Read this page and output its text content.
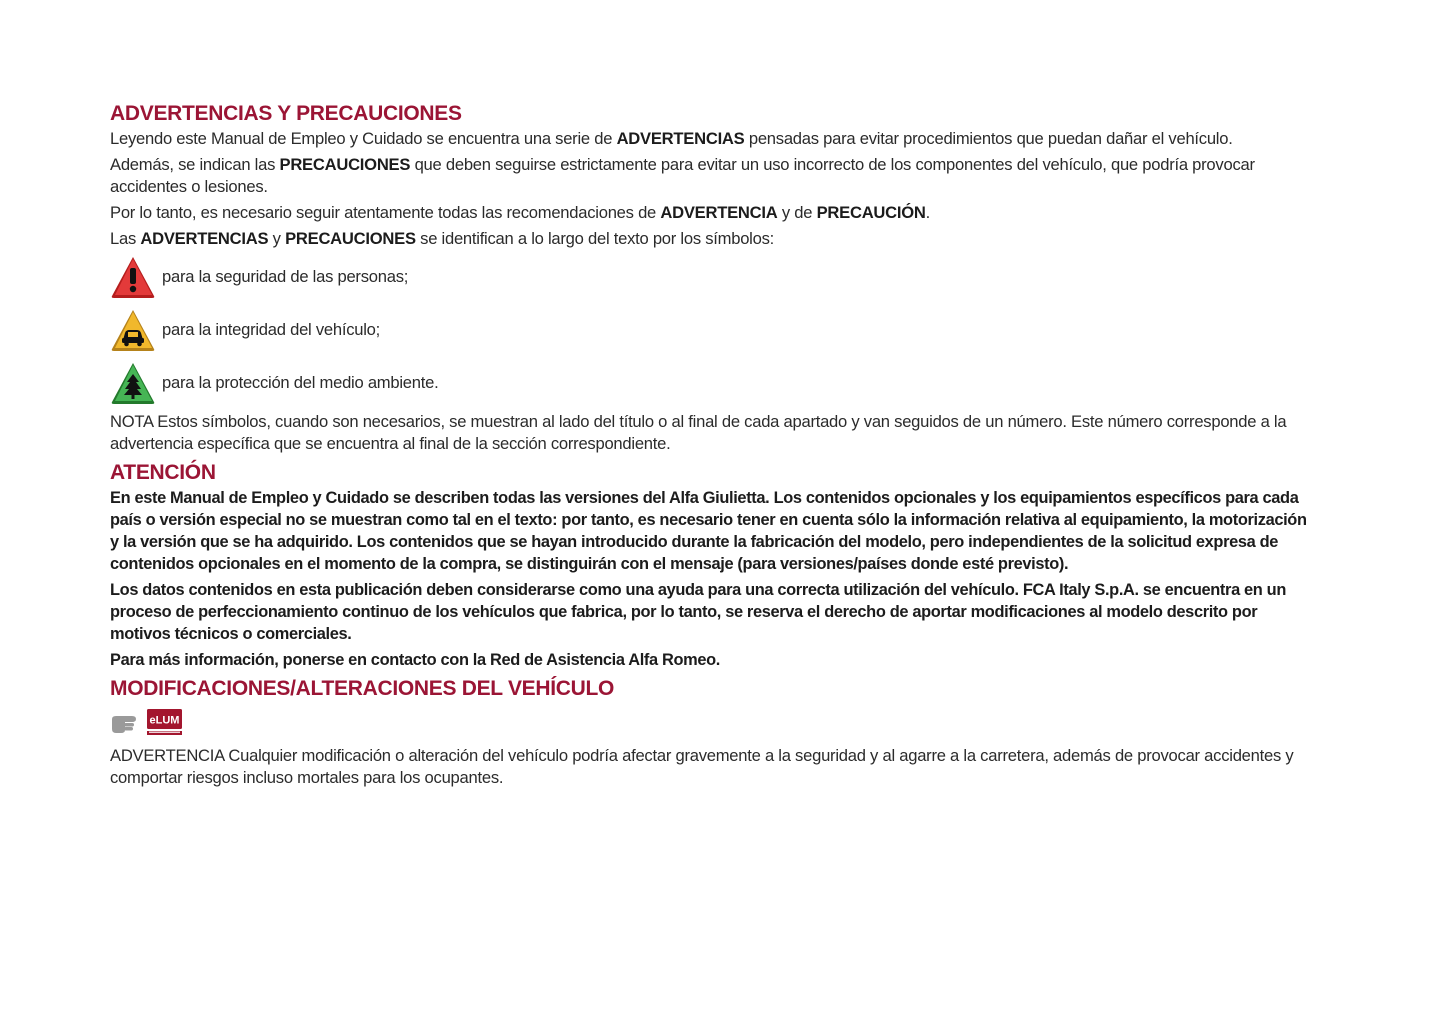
ADVERTENCIAS Y PRECAUCIONES

Leyendo este Manual de Empleo y Cuidado se encuentra una serie de ADVERTENCIAS pensadas para evitar procedimientos que puedan dañar el vehículo.

Además, se indican las PRECAUCIONES que deben seguirse estrictamente para evitar un uso incorrecto de los componentes del vehículo, que podría provocar accidentes o lesiones.

Por lo tanto, es necesario seguir atentamente todas las recomendaciones de ADVERTENCIA y de PRECAUCIÓN.

Las ADVERTENCIAS y PRECAUCIONES se identifican a lo largo del texto por los símbolos:

para la seguridad de las personas;
para la integridad del vehículo;
para la protección del medio ambiente.

NOTA Estos símbolos, cuando son necesarios, se muestran al lado del título o al final de cada apartado y van seguidos de un número. Este número corresponde a la advertencia específica que se encuentra al final de la sección correspondiente.

ATENCIÓN

En este Manual de Empleo y Cuidado se describen todas las versiones del Alfa Giulietta. Los contenidos opcionales y los equipamientos específicos para cada país o versión especial no se muestran como tal en el texto: por tanto, es necesario tener en cuenta sólo la información relativa al equipamiento, la motorización y la versión que se ha adquirido. Los contenidos que se hayan introducido durante la fabricación del modelo, pero independientes de la solicitud expresa de contenidos opcionales en el momento de la compra, se distinguirán con el mensaje (para versiones/países donde esté previsto).

Los datos contenidos en esta publicación deben considerarse como una ayuda para una correcta utilización del vehículo. FCA Italy S.p.A. se encuentra en un proceso de perfeccionamiento continuo de los vehículos que fabrica, por lo tanto, se reserva el derecho de aportar modificaciones al modelo descrito por motivos técnicos o comerciales.

Para más información, ponerse en contacto con la Red de Asistencia Alfa Romeo.

MODIFICACIONES/ALTERACIONES DEL VEHÍCULO
eLUM

ADVERTENCIA Cualquier modificación o alteración del vehículo podría afectar gravemente a la seguridad y al agarre a la carretera, además de provocar accidentes y comportar riesgos incluso mortales para los ocupantes.
